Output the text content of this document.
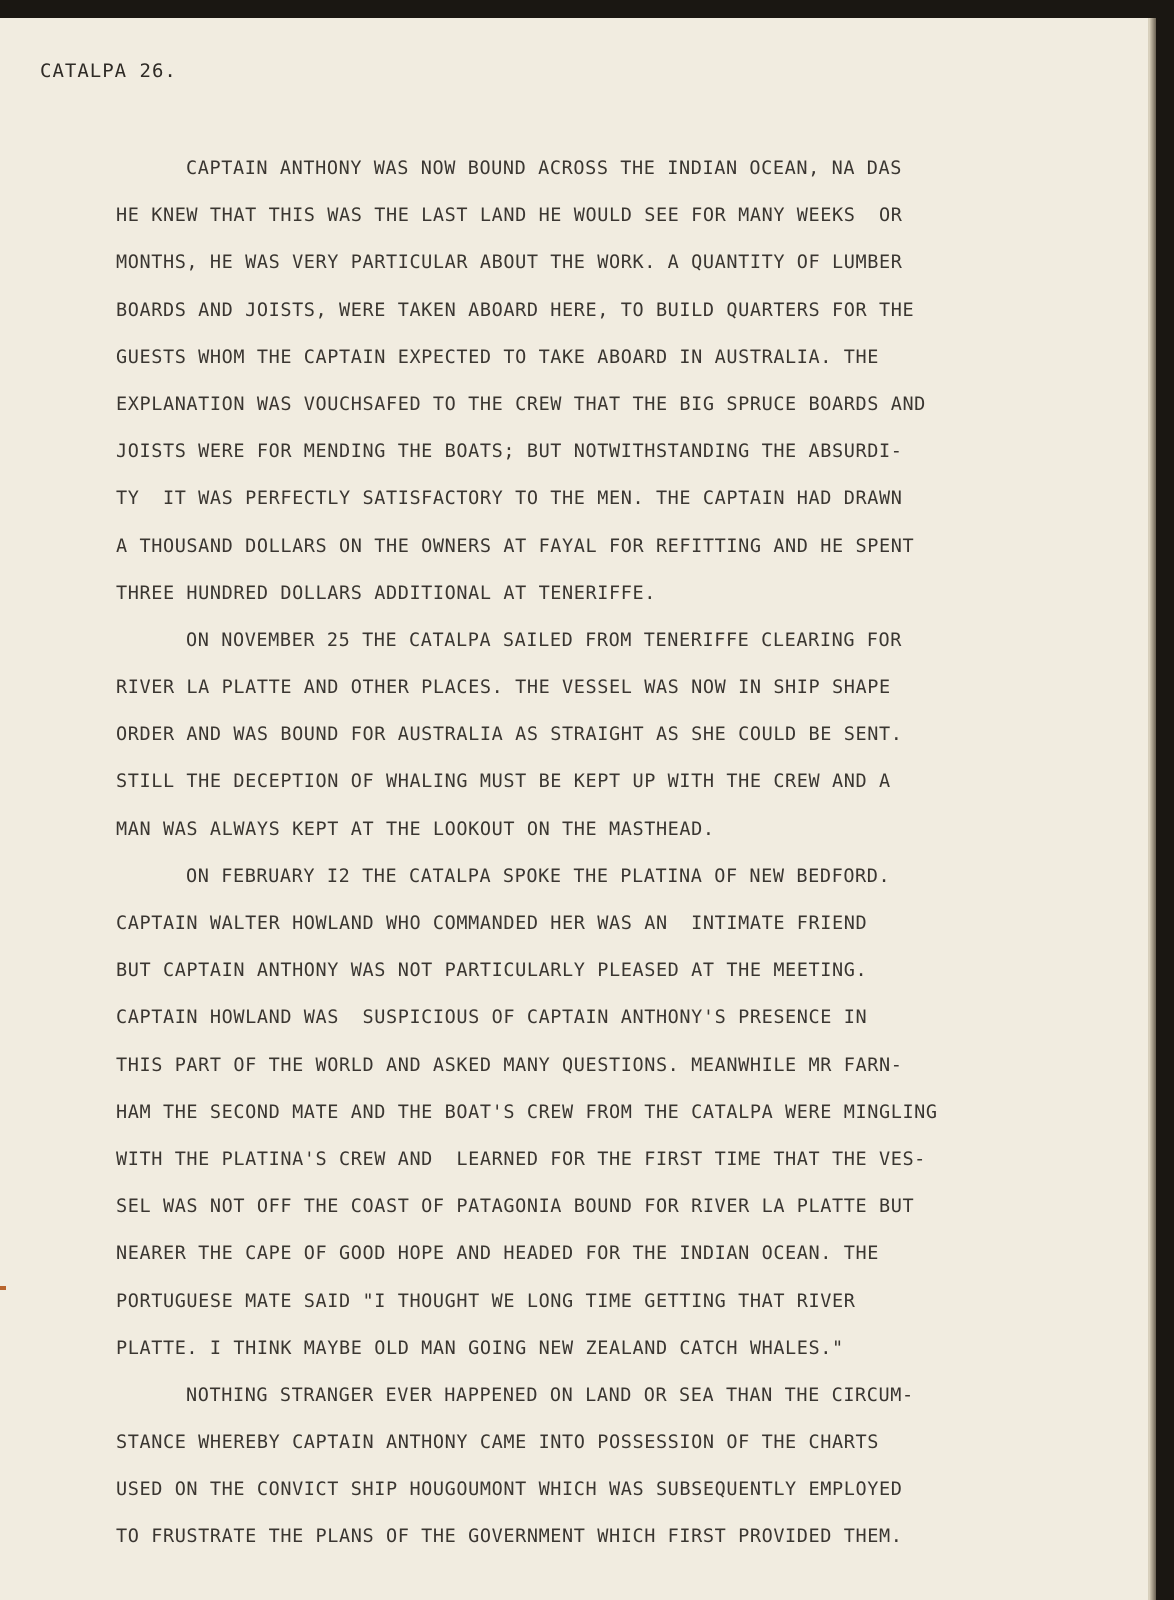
CATALPA 26.
CAPTAIN ANTHONY WAS NOW BOUND ACROSS THE INDIAN OCEAN, NA DAS
HE KNEW THAT THIS WAS THE LAST LAND HE WOULD SEE FOR MANY WEEKS  OR
MONTHS, HE WAS VERY PARTICULAR ABOUT THE WORK. A QUANTITY OF LUMBER
BOARDS AND JOISTS, WERE TAKEN ABOARD HERE, TO BUILD QUARTERS FOR THE
GUESTS WHOM THE CAPTAIN EXPECTED TO TAKE ABOARD IN AUSTRALIA. THE
EXPLANATION WAS VOUCHSAFED TO THE CREW THAT THE BIG SPRUCE BOARDS AND
JOISTS WERE FOR MENDING THE BOATS; BUT NOTWITHSTANDING THE ABSURDI-
TY  IT WAS PERFECTLY SATISFACTORY TO THE MEN. THE CAPTAIN HAD DRAWN
A THOUSAND DOLLARS ON THE OWNERS AT FAYAL FOR REFITTING AND HE SPENT
THREE HUNDRED DOLLARS ADDITIONAL AT TENERIFFE.
ON NOVEMBER 25 THE CATALPA SAILED FROM TENERIFFE CLEARING FOR
RIVER LA PLATTE AND OTHER PLACES. THE VESSEL WAS NOW IN SHIP SHAPE
ORDER AND WAS BOUND FOR AUSTRALIA AS STRAIGHT AS SHE COULD BE SENT.
STILL THE DECEPTION OF WHALING MUST BE KEPT UP WITH THE CREW AND A
MAN WAS ALWAYS KEPT AT THE LOOKOUT ON THE MASTHEAD.
ON FEBRUARY I2 THE CATALPA SPOKE THE PLATINA OF NEW BEDFORD.
CAPTAIN WALTER HOWLAND WHO COMMANDED HER WAS AN  INTIMATE FRIEND
BUT CAPTAIN ANTHONY WAS NOT PARTICULARLY PLEASED AT THE MEETING.
CAPTAIN HOWLAND WAS  SUSPICIOUS OF CAPTAIN ANTHONY'S PRESENCE IN
THIS PART OF THE WORLD AND ASKED MANY QUESTIONS. MEANWHILE MR FARN-
HAM THE SECOND MATE AND THE BOAT'S CREW FROM THE CATALPA WERE MINGLING
WITH THE PLATINA'S CREW AND  LEARNED FOR THE FIRST TIME THAT THE VES-
SEL WAS NOT OFF THE COAST OF PATAGONIA BOUND FOR RIVER LA PLATTE BUT
NEARER THE CAPE OF GOOD HOPE AND HEADED FOR THE INDIAN OCEAN. THE
PORTUGUESE MATE SAID "I THOUGHT WE LONG TIME GETTING THAT RIVER
PLATTE. I THINK MAYBE OLD MAN GOING NEW ZEALAND CATCH WHALES."
NOTHING STRANGER EVER HAPPENED ON LAND OR SEA THAN THE CIRCUM-
STANCE WHEREBY CAPTAIN ANTHONY CAME INTO POSSESSION OF THE CHARTS
USED ON THE CONVICT SHIP HOUGOUMONT WHICH WAS SUBSEQUENTLY EMPLOYED
TO FRUSTRATE THE PLANS OF THE GOVERNMENT WHICH FIRST PROVIDED THEM.
